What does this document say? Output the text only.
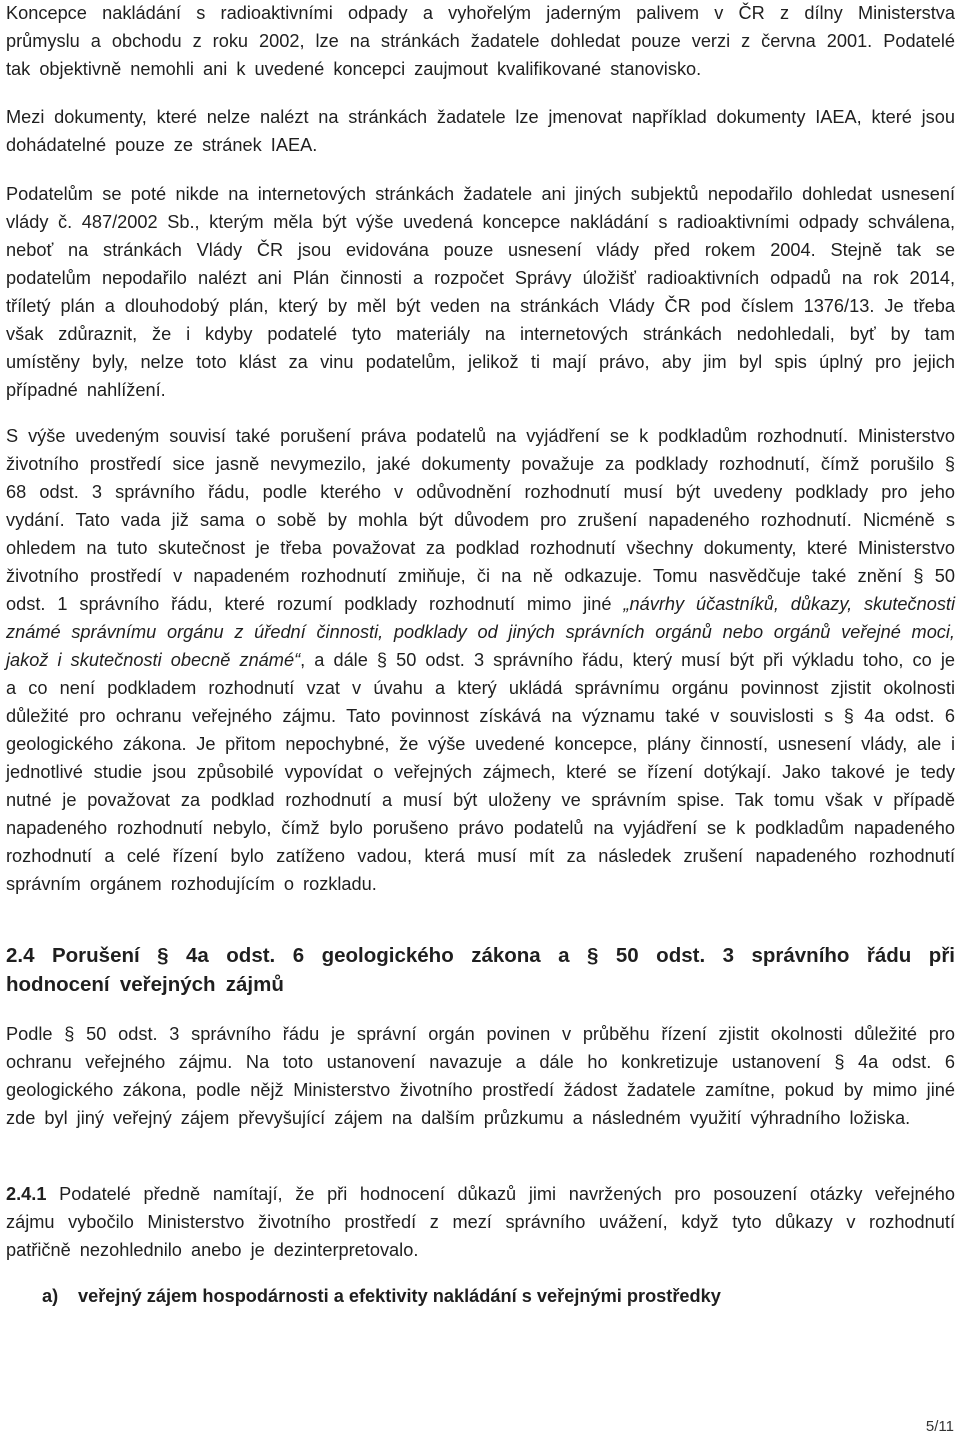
Koncepce nakládání s radioaktivními odpady a vyhořelým jaderným palivem v ČR z dílny Ministerstva průmyslu a obchodu z roku 2002, lze na stránkách žadatele dohledat pouze verzi z června 2001. Podatelé tak objektivně nemohli ani k uvedené koncepci zaujmout kvalifikované stanovisko.

Mezi dokumenty, které nelze nalézt na stránkách žadatele lze jmenovat například dokumenty IAEA, které jsou dohádatelné pouze ze stránek IAEA.

Podatelům se poté nikde na internetových stránkách žadatele ani jiných subjektů nepodařilo dohledat usnesení vlády č. 487/2002 Sb., kterým měla být výše uvedená koncepce nakládání s radioaktivními odpady schválena, neboť na stránkách Vlády ČR jsou evidována pouze usnesení vlády před rokem 2004. Stejně tak se podatelům nepodařilo nalézt ani Plán činnosti a rozpočet Správy úložišť radioaktivních odpadů na rok 2014, tříletý plán a dlouhodobý plán, který by měl být veden na stránkách Vlády ČR pod číslem 1376/13. Je třeba však zdůraznit, že i kdyby podatelé tyto materiály na internetových stránkách nedohledali, byť by tam umístěny byly, nelze toto klást za vinu podatelům, jelikož ti mají právo, aby jim byl spis úplný pro jejich případné nahlížení.

S výše uvedeným souvisí také porušení práva podatelů na vyjádření se k podkladům rozhodnutí. Ministerstvo životního prostředí sice jasně nevymezilo, jaké dokumenty považuje za podklady rozhodnutí, čímž porušilo § 68 odst. 3 správního řádu, podle kterého v odůvodnění rozhodnutí musí být uvedeny podklady pro jeho vydání. Tato vada již sama o sobě by mohla být důvodem pro zrušení napadeného rozhodnutí. Nicméně s ohledem na tuto skutečnost je třeba považovat za podklad rozhodnutí všechny dokumenty, které Ministerstvo životního prostředí v napadeném rozhodnutí zmiňuje, či na ně odkazuje. Tomu nasvědčuje také znění § 50 odst. 1 správního řádu, které rozumí podklady rozhodnutí mimo jiné „návrhy účastníků, důkazy, skutečnosti známé správnímu orgánu z úřední činnosti, podklady od jiných správních orgánů nebo orgánů veřejné moci, jakož i skutečnosti obecně známé“, a dále § 50 odst. 3 správního řádu, který musí být při výkladu toho, co je a co není podkladem rozhodnutí vzat v úvahu a který ukládá správnímu orgánu povinnost zjistit okolnosti důležité pro ochranu veřejného zájmu. Tato povinnost získává na významu také v souvislosti s § 4a odst. 6 geologického zákona. Je přitom nepochybné, že výše uvedené koncepce, plány činností, usnesení vlády, ale i jednotlivé studie jsou způsobilé vypovídat o veřejných zájmech, které se řízení dotýkají. Jako takové je tedy nutné je považovat za podklad rozhodnutí a musí být uloženy ve správním spise. Tak tomu však v případě napadeného rozhodnutí nebylo, čímž bylo porušeno právo podatelů na vyjádření se k podkladům napadeného rozhodnutí a celé řízení bylo zatíženo vadou, která musí mít za následek zrušení napadeného rozhodnutí správním orgánem rozhodujícím o rozkladu.

2.4 Porušení § 4a odst. 6 geologického zákona a § 50 odst. 3 správního řádu při hodnocení veřejných zájmů

Podle § 50 odst. 3 správního řádu je správní orgán povinen v průběhu řízení zjistit okolnosti důležité pro ochranu veřejného zájmu. Na toto ustanovení navazuje a dále ho konkretizuje ustanovení § 4a odst. 6 geologického zákona, podle nějž Ministerstvo životního prostředí žádost žadatele zamítne, pokud by mimo jiné zde byl jiný veřejný zájem převyšující zájem na dalším průzkumu a následném využití výhradního ložiska.

2.4.1 Podatelé předně namítají, že při hodnocení důkazů jimi navržených pro posouzení otázky veřejného zájmu vybočilo Ministerstvo životního prostředí z mezí správního uvážení, když tyto důkazy v rozhodnutí patřičně nezohlednilo anebo je dezinterpretovalo.

a) veřejný zájem hospodárnosti a efektivity nakládání s veřejnými prostředky
5/11
